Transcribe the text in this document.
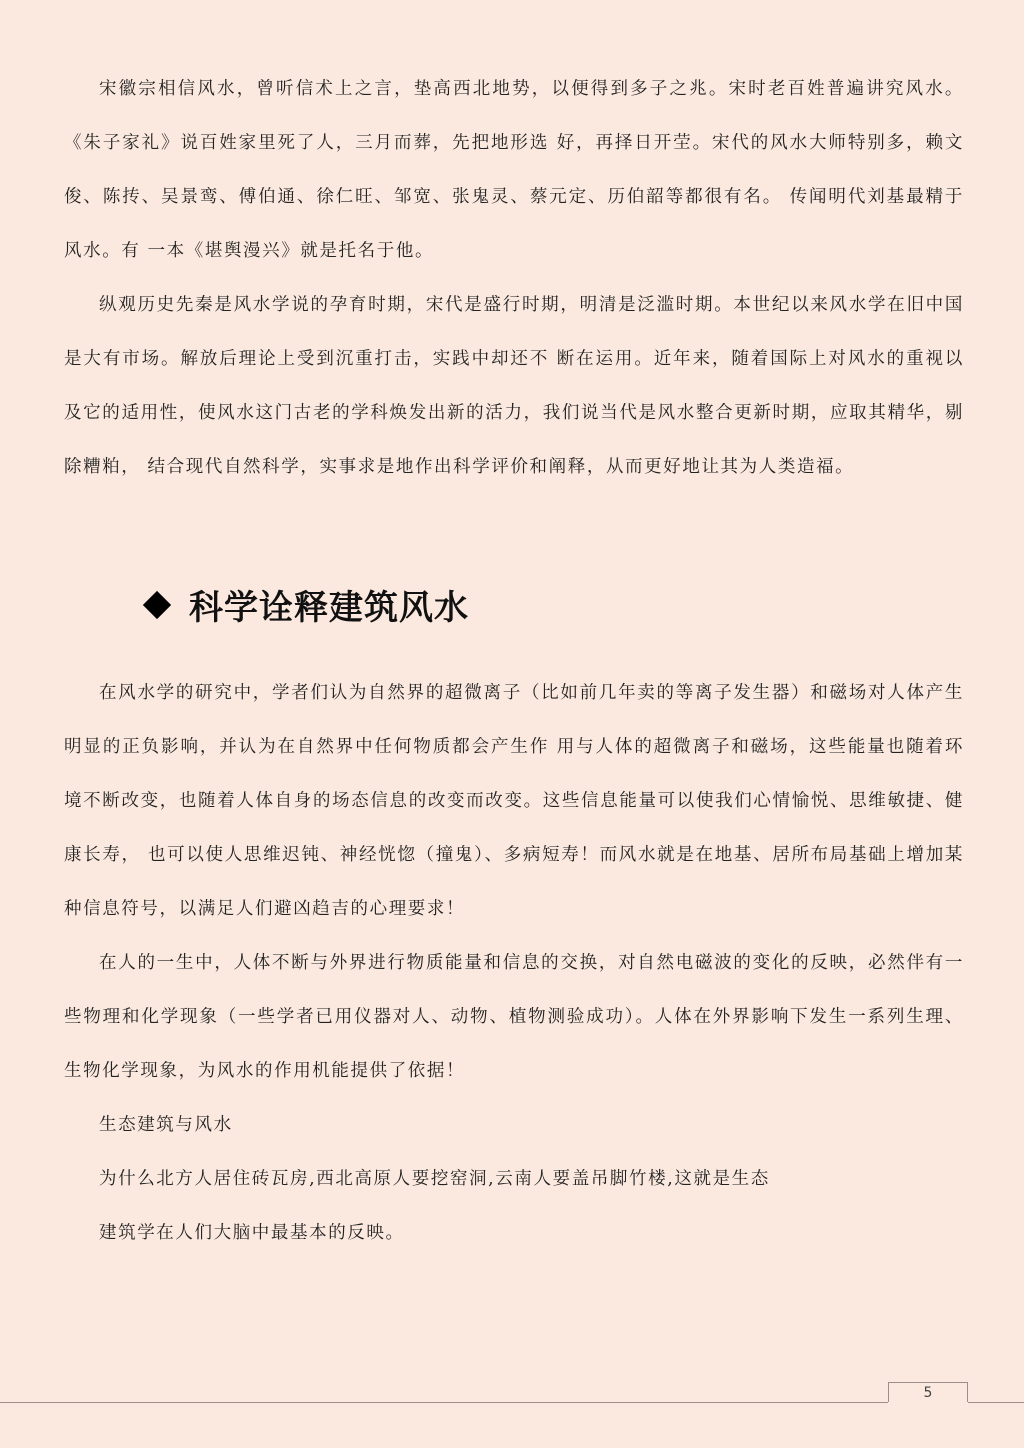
宋徽宗相信风水，曾听信术上之言，垫高西北地势，以便得到多子之兆。宋时老百姓普遍讲究风水。《朱子家礼》说百姓家里死了人，三月而葬，先把地形选 好，再择日开茔。宋代的风水大师特别多，赖文俊、陈抟、吴景鸾、傅伯通、徐仁旺、邹宽、张鬼灵、蔡元定、历伯韶等都很有名。 传闻明代刘基最精于风水。有 一本《堪舆漫兴》就是托名于他。

纵观历史先秦是风水学说的孕育时期，宋代是盛行时期，明清是泛滥时期。本世纪以来风水学在旧中国是大有市场。解放后理论上受到沉重打击，实践中却还不 断在运用。近年来，随着国际上对风水的重视以及它的适用性，使风水这门古老的学科焕发出新的活力，我们说当代是风水整合更新时期，应取其精华，剔除糟粕， 结合现代自然科学，实事求是地作出科学评价和阐释，从而更好地让其为人类造福。

科学诠释建筑风水

在风水学的研究中，学者们认为自然界的超微离子（比如前几年卖的等离子发生器）和磁场对人体产生明显的正负影响，并认为在自然界中任何物质都会产生作 用与人体的超微离子和磁场，这些能量也随着环境不断改变，也随着人体自身的场态信息的改变而改变。这些信息能量可以使我们心情愉悦、思维敏捷、健康长寿， 也可以使人思维迟钝、神经恍惚（撞鬼）、多病短寿！而风水就是在地基、居所布局基础上增加某种信息符号，以满足人们避凶趋吉的心理要求！

在人的一生中，人体不断与外界进行物质能量和信息的交换，对自然电磁波的变化的反映，必然伴有一些物理和化学现象（一些学者已用仪器对人、动物、植物测验成功）。人体在外界影响下发生一系列生理、生物化学现象，为风水的作用机能提供了依据！

生态建筑与风水

为什么北方人居住砖瓦房,西北高原人要挖窑洞,云南人要盖吊脚竹楼,这就是生态

建筑学在人们大脑中最基本的反映。

5
